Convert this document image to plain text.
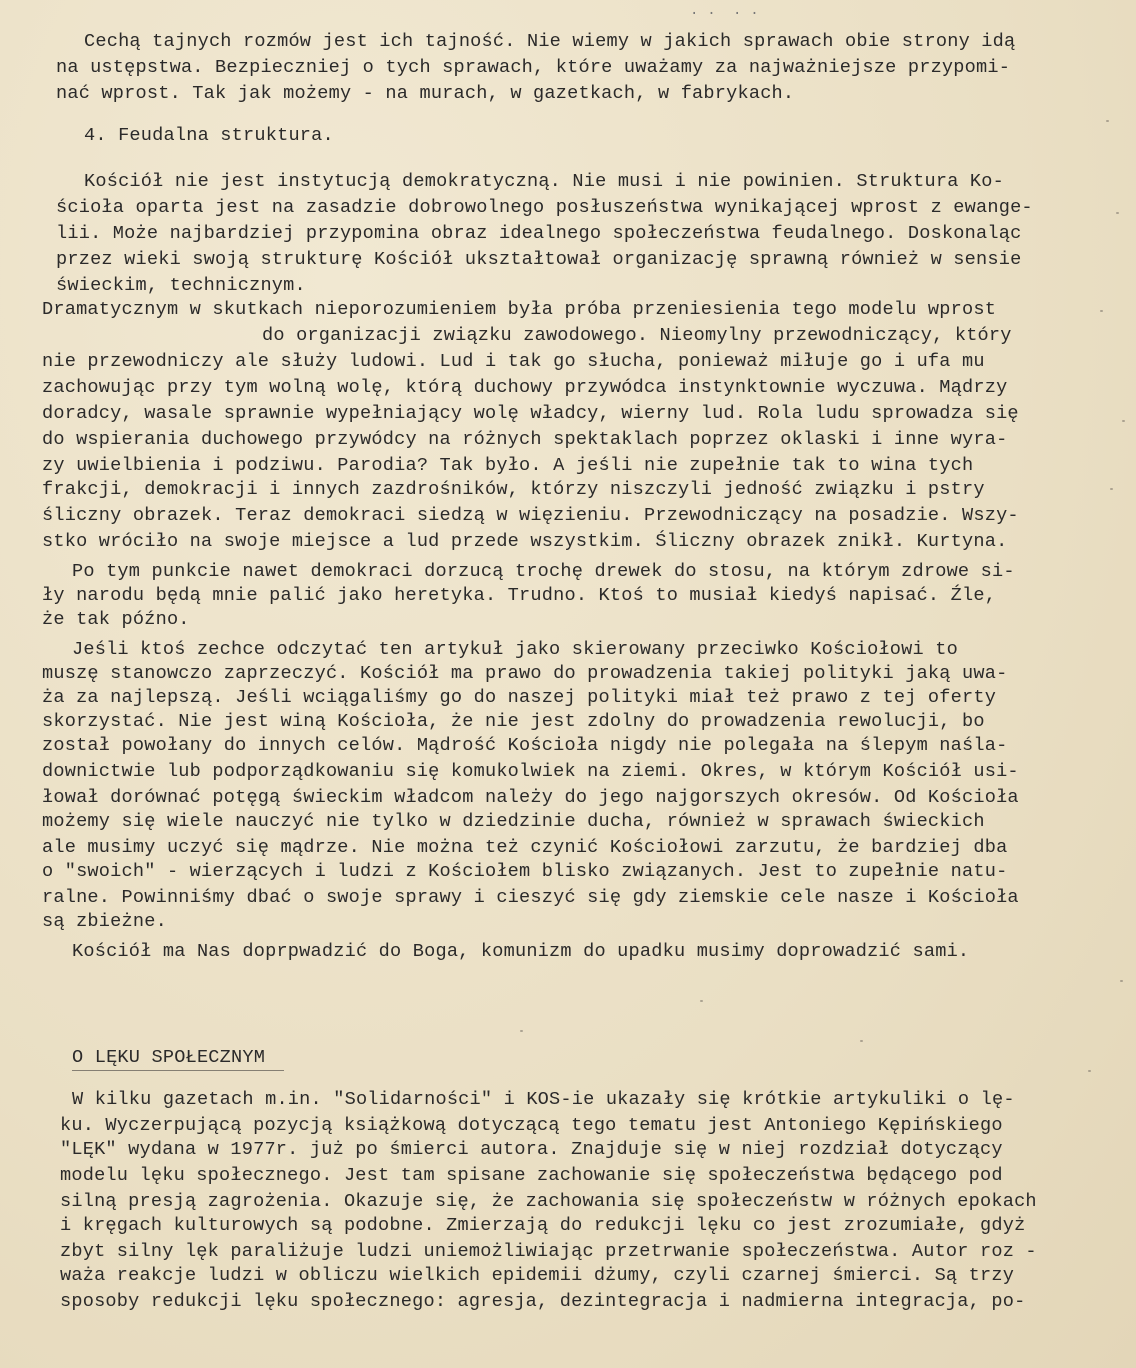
· ·  · ·
Cechą tajnych rozmów jest ich tajność. Nie wiemy w jakich sprawach obie strony idą
na ustępstwa. Bezpieczniej o tych sprawach, które uważamy za najważniejsze przypomi-
nać wprost. Tak jak możemy - na murach, w gazetkach, w fabrykach.
4. Feudalna struktura.
Kościół nie jest instytucją demokratyczną. Nie musi i nie powinien. Struktura Ko-
ścioła oparta jest na zasadzie dobrowolnego posłuszeństwa wynikającej wprost z ewange-
lii. Może najbardziej przypomina obraz idealnego społeczeństwa feudalnego. Doskonaląc
przez wieki swoją strukturę Kościół ukształtował organizację sprawną również w sensie
świeckim, technicznym.
Dramatycznym w skutkach nieporozumieniem była próba przeniesienia tego modelu wprost
do organizacji związku zawodowego. Nieomylny przewodniczący, który
nie przewodniczy ale służy ludowi. Lud i tak go słucha, ponieważ miłuje go i ufa mu
zachowując przy tym wolną wolę, którą duchowy przywódca instynktownie wyczuwa. Mądrzy
doradcy, wasale sprawnie wypełniający wolę władcy, wierny lud. Rola ludu sprowadza się
do wspierania duchowego przywódcy na różnych spektaklach poprzez oklaski i inne wyra-
zy uwielbienia i podziwu. Parodia? Tak było. A jeśli nie zupełnie tak to wina tych
frakcji, demokracji i innych zazdrośników, którzy niszczyli jedność związku i pstry
śliczny obrazek. Teraz demokraci siedzą w więzieniu. Przewodniczący na posadzie. Wszy-
stko wróciło na swoje miejsce a lud przede wszystkim. Śliczny obrazek znikł. Kurtyna.
Po tym punkcie nawet demokraci dorzucą trochę drewek do stosu, na którym zdrowe si-
ły narodu będą mnie palić jako heretyka. Trudno. Ktoś to musiał kiedyś napisać. Źle,
że tak późno.
Jeśli ktoś zechce odczytać ten artykuł jako skierowany przeciwko Kościołowi to
muszę stanowczo zaprzeczyć. Kościół ma prawo do prowadzenia takiej polityki jaką uwa-
ża za najlepszą. Jeśli wciągaliśmy go do naszej polityki miał też prawo z tej oferty
skorzystać. Nie jest winą Kościoła, że nie jest zdolny do prowadzenia rewolucji, bo
został powołany do innych celów. Mądrość Kościoła nigdy nie polegała na ślepym naśla-
downictwie lub podporządkowaniu się komukolwiek na ziemi. Okres, w którym Kościół usi-
łował dorównać potęgą świeckim władcom należy do jego najgorszych okresów. Od Kościoła
możemy się wiele nauczyć nie tylko w dziedzinie ducha, również w sprawach świeckich
ale musimy uczyć się mądrze. Nie można też czynić Kościołowi zarzutu, że bardziej dba
o "swoich" - wierzących i ludzi z Kościołem blisko związanych. Jest to zupełnie natu-
ralne. Powinniśmy dbać o swoje sprawy i cieszyć się gdy ziemskie cele nasze i Kościoła
są zbieżne.
Kościół ma Nas doprpwadzić do Boga, komunizm do upadku musimy doprowadzić sami.
O LĘKU SPOŁECZNYM
W kilku gazetach m.in. "Solidarności" i KOS-ie ukazały się krótkie artykuliki o lę-
ku. Wyczerpującą pozycją książkową dotyczącą tego tematu jest Antoniego Kępińskiego
"LĘK" wydana w 1977r. już po śmierci autora. Znajduje się w niej rozdział dotyczący
modelu lęku społecznego. Jest tam spisane zachowanie się społeczeństwa będącego pod
silną presją zagrożenia. Okazuje się, że zachowania się społeczeństw w różnych epokach
i kręgach kulturowych są podobne. Zmierzają do redukcji lęku co jest zrozumiałe, gdyż
zbyt silny lęk paraliżuje ludzi uniemożliwiając przetrwanie społeczeństwa. Autor roz -
waża reakcje ludzi w obliczu wielkich epidemii dżumy, czyli czarnej śmierci. Są trzy
sposoby redukcji lęku społecznego: agresja, dezintegracja i nadmierna integracja, po-
